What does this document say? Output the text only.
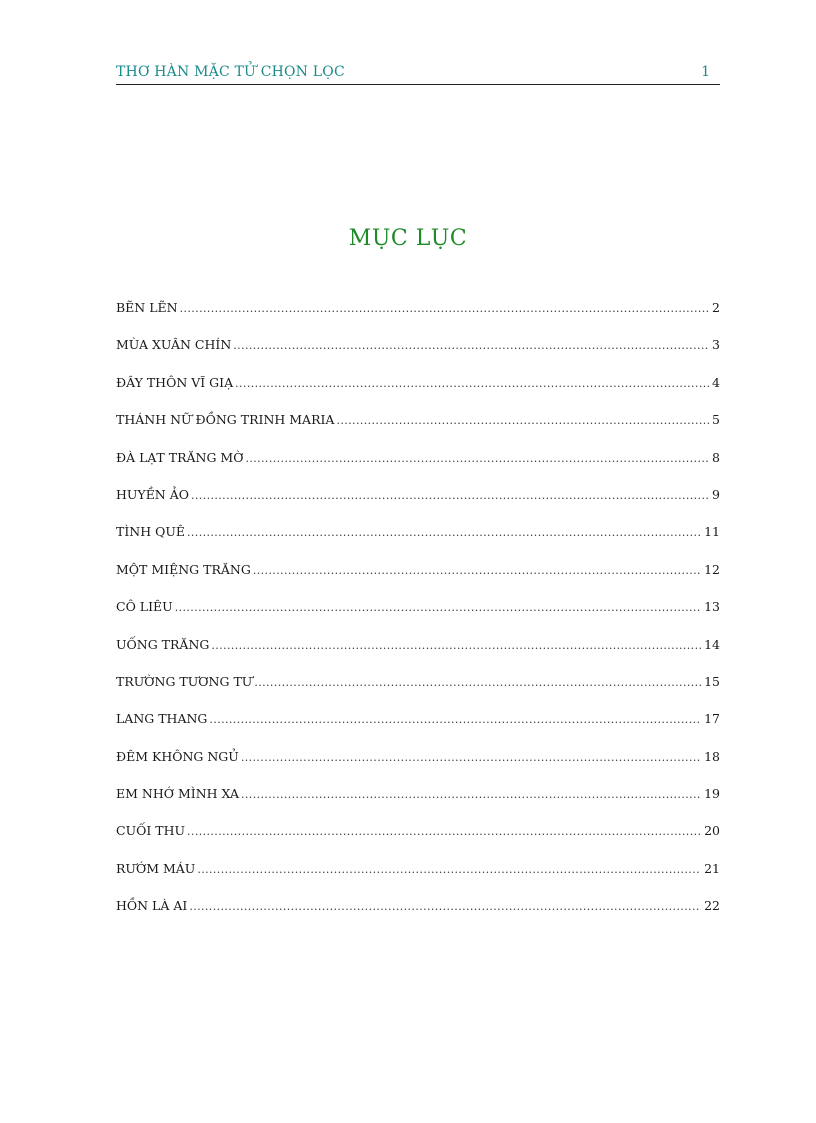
THƠ HÀN MẶC TỬ CHỌN LỌC	1
MỤC LỤC
BẼN LẼN .....	2
MÙA XUÂN CHÍN .....	3
ĐÂY THÔN VĨ GIẠ .....	4
THÁNH NỮ ĐỒNG TRINH MARIA .....	5
ĐÀ LẠT TRĂNG MỜ .....	8
HUYỀN ẢO .....	9
TÌNH QUÊ .....	11
MỘT MIỆNG TRĂNG .....	12
CÔ LIÊU .....	13
UỐNG TRĂNG .....	14
TRƯỜNG TƯƠNG TƯ .....	15
LANG THANG .....	17
ĐÊM KHÔNG NGỦ .....	18
EM NHỚ MÌNH XA .....	19
CUỐI THU .....	20
RƯỚM MÁU .....	21
HỒN LÀ AI .....	22
